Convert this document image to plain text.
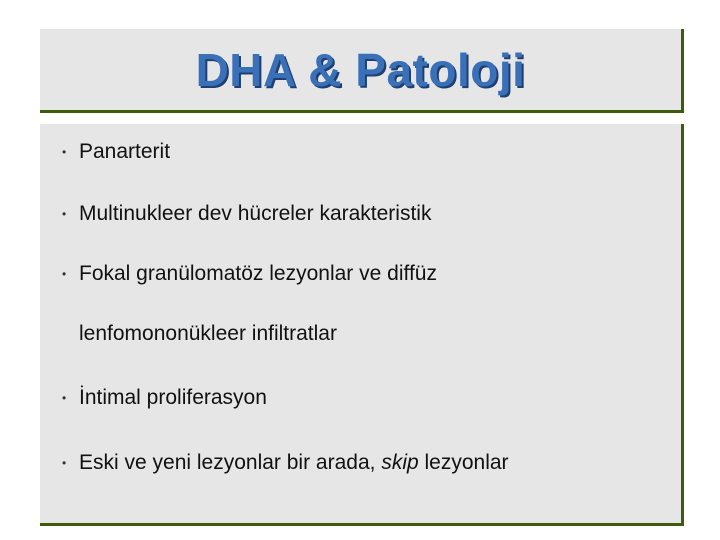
DHA & Patoloji
• Panarterit
• Multinukleer dev hücreler karakteristik
• Fokal granülomatöz lezyonlar ve diffüz
lenfomononükleer infiltratlar
• İntimal proliferasyon
• Eski ve yeni lezyonlar bir arada, skip lezyonlar
